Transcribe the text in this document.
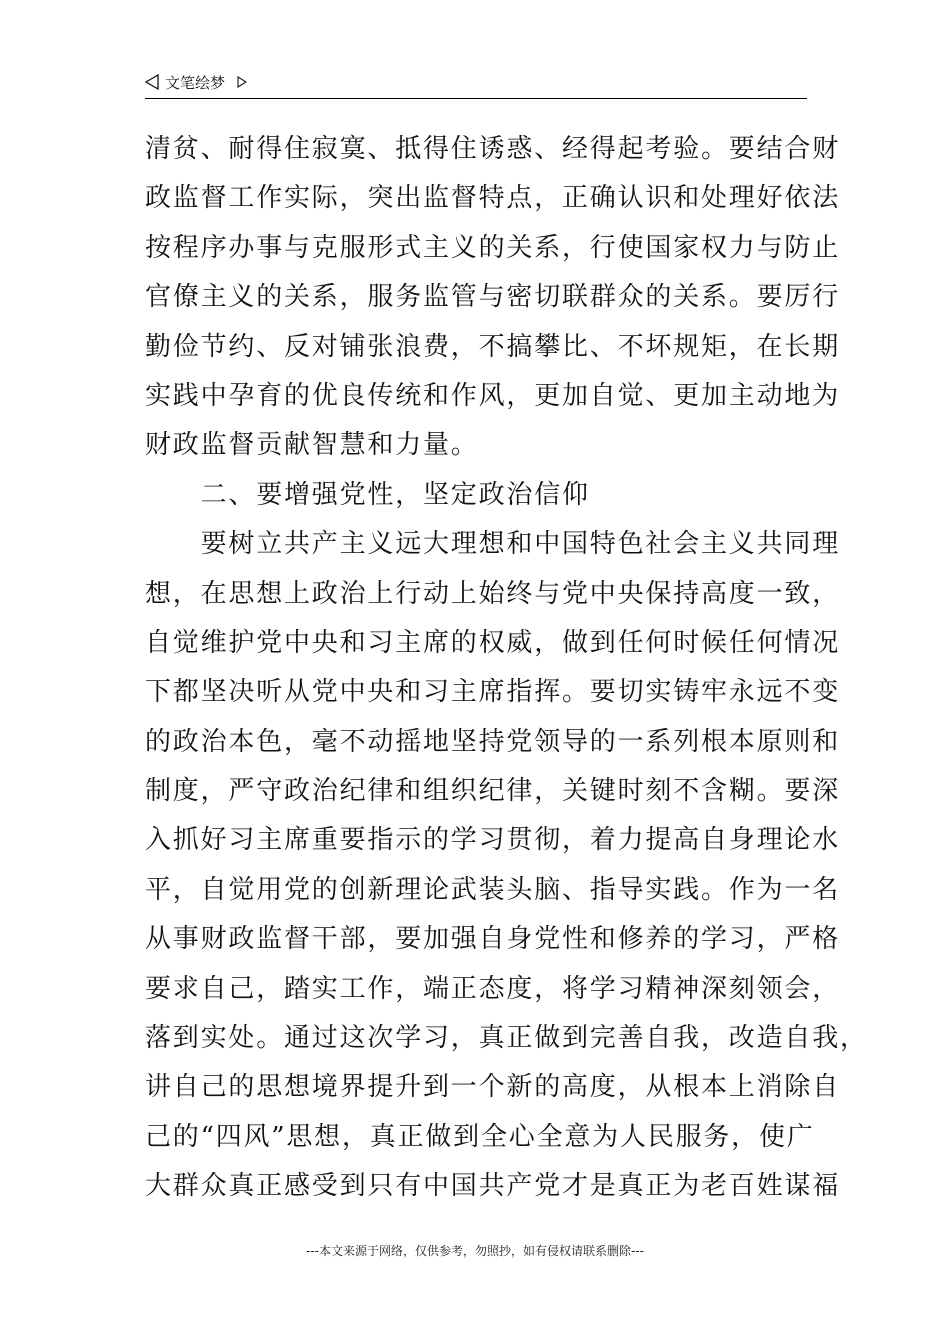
文笔绘梦
清贫、耐得住寂寞、抵得住诱惑、经得起考验。要结合财
政监督工作实际，突出监督特点，正确认识和处理好依法
按程序办事与克服形式主义的关系，行使国家权力与防止
官僚主义的关系，服务监管与密切联群众的关系。要厉行
勤俭节约、反对铺张浪费，不搞攀比、不坏规矩，在长期
实践中孕育的优良传统和作风，更加自觉、更加主动地为
财政监督贡献智慧和力量。
　　二、要增强党性，坚定政治信仰
　　要树立共产主义远大理想和中国特色社会主义共同理
想，在思想上政治上行动上始终与党中央保持高度一致，
自觉维护党中央和习主席的权威，做到任何时候任何情况
下都坚决听从党中央和习主席指挥。要切实铸牢永远不变
的政治本色，毫不动摇地坚持党领导的一系列根本原则和
制度，严守政治纪律和组织纪律，关键时刻不含糊。要深
入抓好习主席重要指示的学习贯彻，着力提高自身理论水
平，自觉用党的创新理论武装头脑、指导实践。作为一名
从事财政监督干部，要加强自身党性和修养的学习，严格
要求自己，踏实工作，端正态度，将学习精神深刻领会，
落到实处。通过这次学习，真正做到完善自我，改造自我，
讲自己的思想境界提升到一个新的高度，从根本上消除自
己的“四风”思想，真正做到全心全意为人民服务，使广
大群众真正感受到只有中国共产党才是真正为老百姓谋福
---本文来源于网络，仅供参考，勿照抄，如有侵权请联系删除---
